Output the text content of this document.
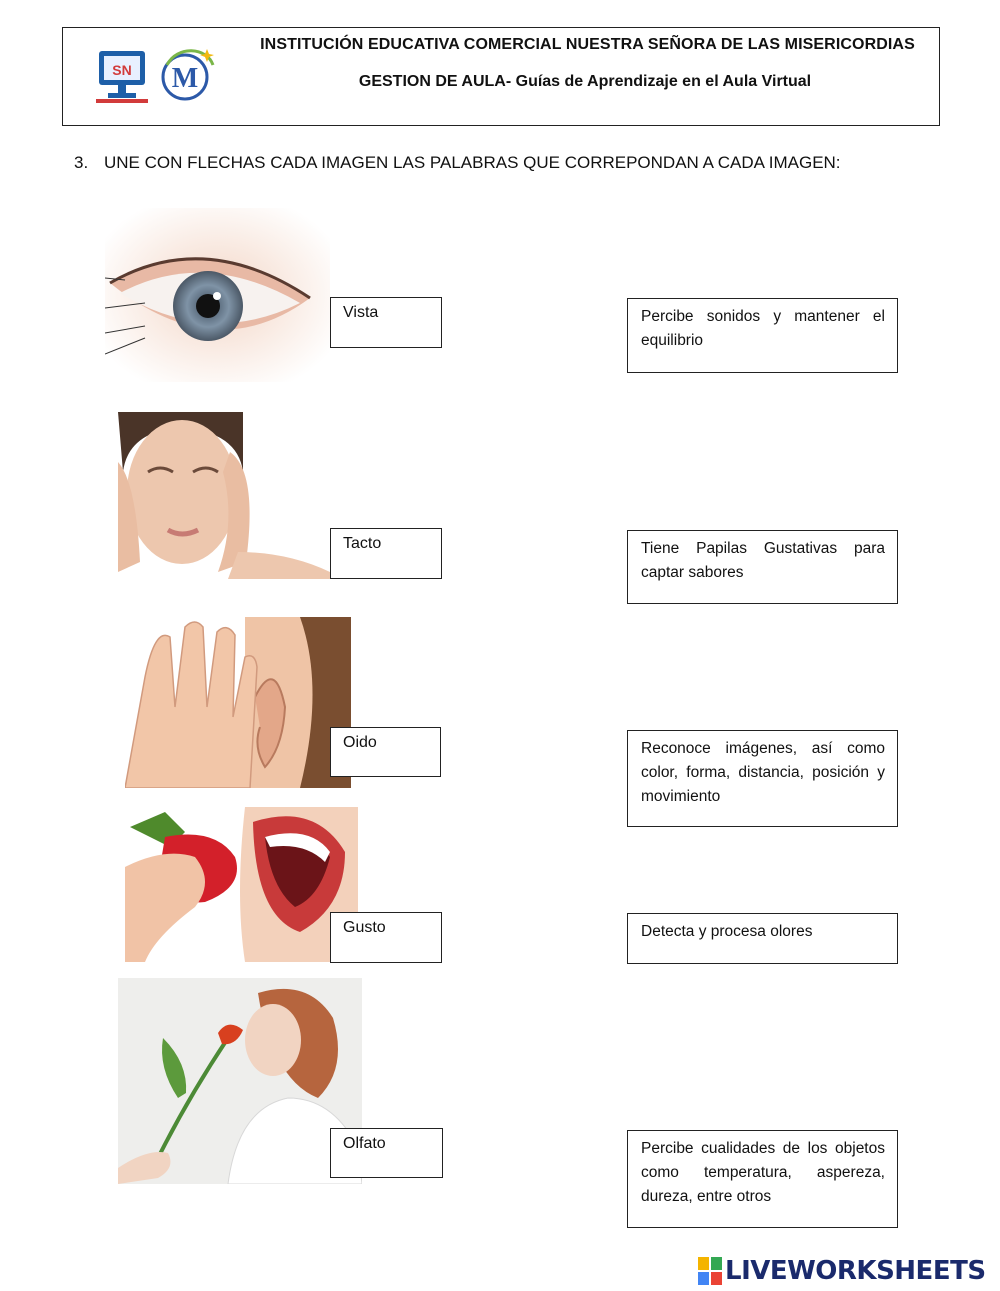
SN M
INSTITUCIÓN EDUCATIVA COMERCIAL NUESTRA SEÑORA DE LAS MISERICORDIAS
GESTION DE AULA- Guías de Aprendizaje en el Aula Virtual
3. UNE CON FLECHAS CADA IMAGEN LAS PALABRAS QUE CORREPONDAN A CADA IMAGEN:
Vista
Tacto
Oido
Gusto
Olfato
Percibe sonidos y mantener el equilibrio
Tiene Papilas Gustativas para captar sabores
Reconoce imágenes, así como color, forma, distancia, posición y movimiento
Detecta y procesa olores
Percibe cualidades de los objetos como temperatura, aspereza, dureza, entre otros
LIVEWORKSHEETS
